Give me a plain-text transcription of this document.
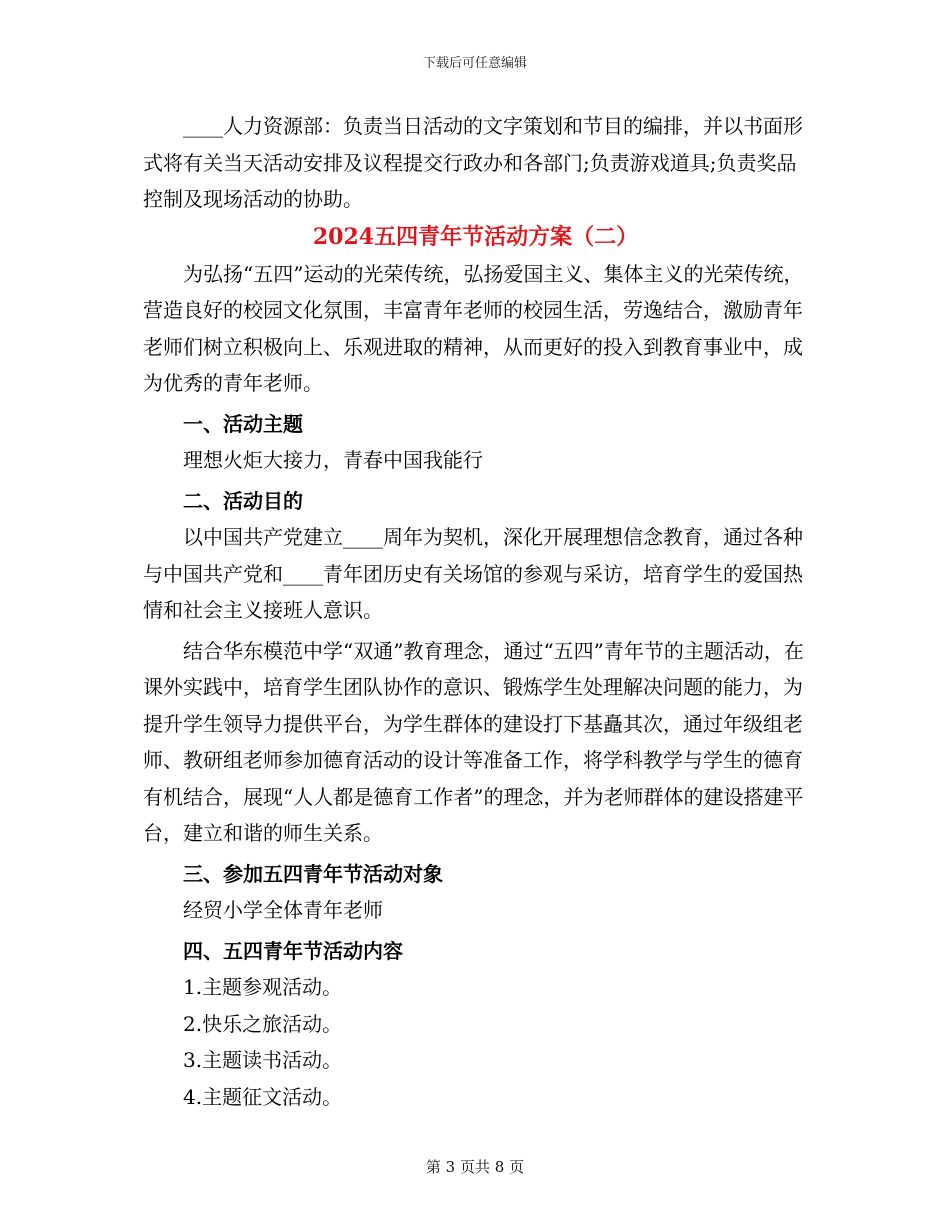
下载后可任意编辑

____人力资源部：负责当日活动的文字策划和节目的编排，并以书面形式将有关当天活动安排及议程提交行政办和各部门;负责游戏道具;负责奖品控制及现场活动的协助。

2024五四青年节活动方案（二）

为弘扬“五四”运动的光荣传统，弘扬爱国主义、集体主义的光荣传统，营造良好的校园文化氛围，丰富青年老师的校园生活，劳逸结合，激励青年老师们树立积极向上、乐观进取的精神，从而更好的投入到教育事业中，成为优秀的青年老师。

一、活动主题

理想火炬大接力，青春中国我能行

二、活动目的

以中国共产党建立____周年为契机，深化开展理想信念教育，通过各种与中国共产党和____青年团历史有关场馆的参观与采访，培育学生的爱国热情和社会主义接班人意识。

结合华东模范中学“双通”教育理念，通过“五四”青年节的主题活动，在课外实践中，培育学生团队协作的意识、锻炼学生处理解决问题的能力，为提升学生领导力提供平台，为学生群体的建设打下基矗其次，通过年级组老师、教研组老师参加德育活动的设计等准备工作，将学科教学与学生的德育有机结合，展现“人人都是德育工作者”的理念，并为老师群体的建设搭建平台，建立和谐的师生关系。

三、参加五四青年节活动对象

经贸小学全体青年老师

四、五四青年节活动内容

1.主题参观活动。

2.快乐之旅活动。

3.主题读书活动。

4.主题征文活动。

第 3 页共 8 页
